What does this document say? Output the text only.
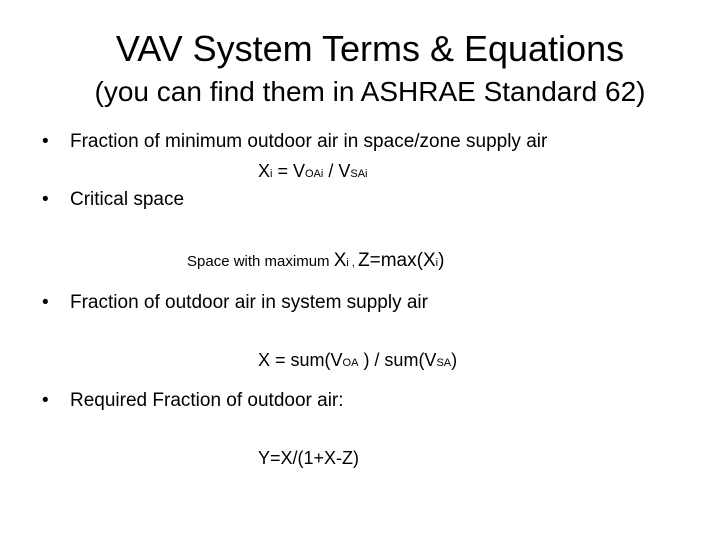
VAV System Terms & Equations
(you can find them in ASHRAE Standard 62)
• Fraction of minimum outdoor air in space/zone supply air
Xi = VOAi / VSAi
• Critical space
Space with maximum Xi , Z=max(Xi)
• Fraction of outdoor air in system supply air
X = sum(VOA ) / sum(VSA)
• Required Fraction of outdoor air:
Y=X/(1+X-Z)
